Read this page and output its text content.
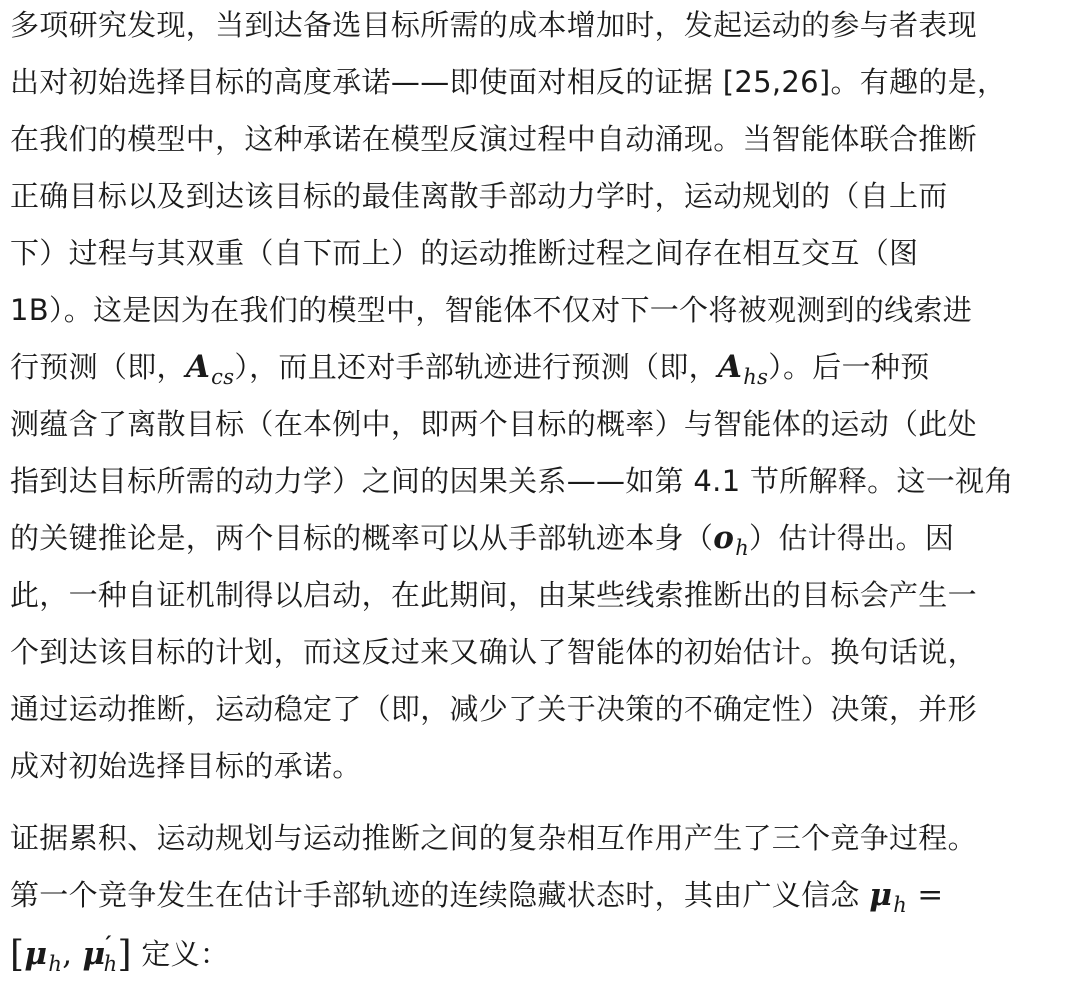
多项研究发现，当到达备选目标所需的成本增加时，发起运动的参与者表现
出对初始选择目标的高度承诺——即使面对相反的证据 [25,26]。有趣的是，
在我们的模型中，这种承诺在模型反演过程中自动涌现。当智能体联合推断
正确目标以及到达该目标的最佳离散手部动力学时，运动规划的（自上而
下）过程与其双重（自下而上）的运动推断过程之间存在相互交互（图
1B）。这是因为在我们的模型中，智能体不仅对下一个将被观测到的线索进
行预测（即，$A_{cs}$），而且还对手部轨迹进行预测（即，$A_{hs}$）。后一种预
测蕴含了离散目标（在本例中，即两个目标的概率）与智能体的运动（此处
指到达目标所需的动力学）之间的因果关系——如第 4.1 节所解释。这一视角
的关键推论是，两个目标的概率可以从手部轨迹本身$(o_h)$估计得出。因
此，一种自证机制得以启动，在此期间，由某些线索推断出的目标会产生一
个到达该目标的计划，而这反过来又确认了智能体的初始估计。换句话说，
通过运动推断，运动稳定了（即，减少了关于决策的不确定性）决策，并形
成对初始选择目标的承诺。
证据累积、运动规划与运动推断之间的复杂相互作用产生了三个竞争过程。
第一个竞争发生在估计手部轨迹的连续隐藏状态时，其由广义信念 $\mu_h$ =
[$\mu_h$, $\mu'_h$] 定义：
